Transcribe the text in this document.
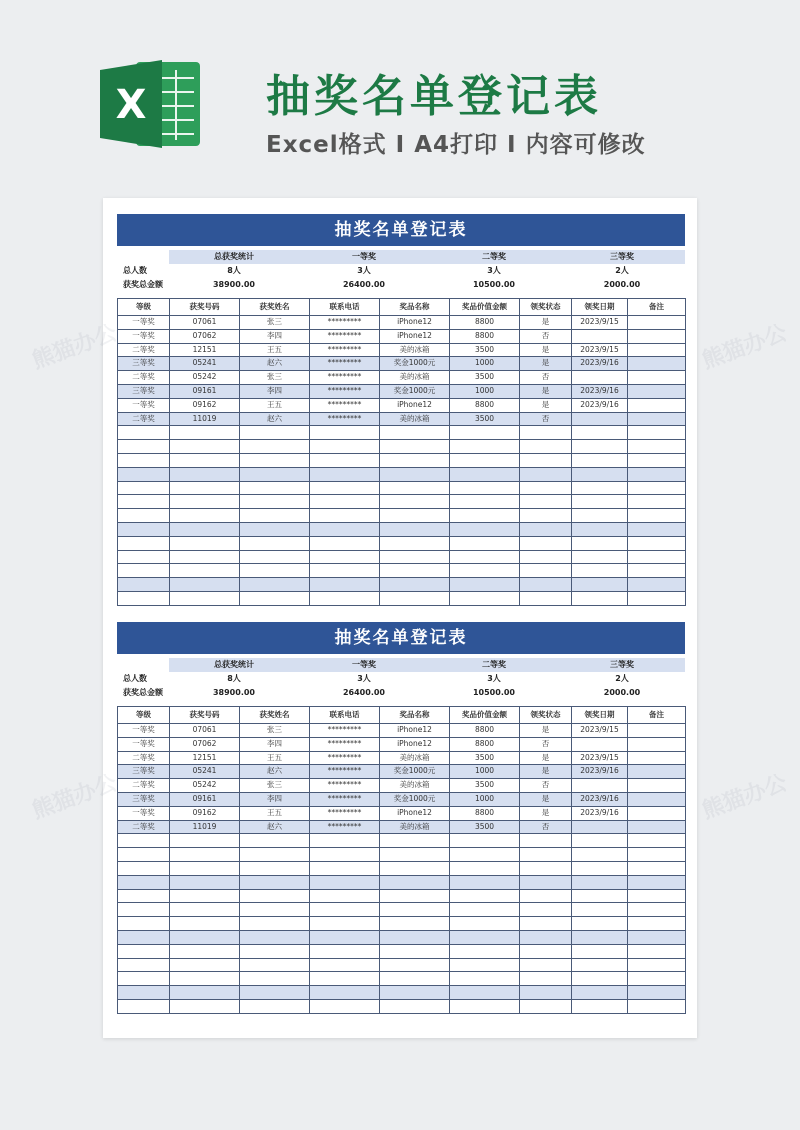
X	抽奖名单登记表
Excel格式 I A4打印 I 内容可修改
抽奖名单登记表
	总获奖统计	一等奖	二等奖	三等奖
总人数	8人	3人	3人	2人
获奖总金额	38900.00	26400.00	10500.00	2000.00
等级	获奖号码	获奖姓名	联系电话	奖品名称	奖品价值金额	领奖状态	领奖日期	备注
一等奖	07061	张三	*********	iPhone12	8800	是	2023/9/15	
一等奖	07062	李四	*********	iPhone12	8800	否		
二等奖	12151	王五	*********	美的冰箱	3500	是	2023/9/15	
三等奖	05241	赵六	*********	奖金1000元	1000	是	2023/9/16	
二等奖	05242	张三	*********	美的冰箱	3500	否		
三等奖	09161	李四	*********	奖金1000元	1000	是	2023/9/16	
一等奖	09162	王五	*********	iPhone12	8800	是	2023/9/16	
二等奖	11019	赵六	*********	美的冰箱	3500	否		

抽奖名单登记表
	总获奖统计	一等奖	二等奖	三等奖
总人数	8人	3人	3人	2人
获奖总金额	38900.00	26400.00	10500.00	2000.00
等级	获奖号码	获奖姓名	联系电话	奖品名称	奖品价值金额	领奖状态	领奖日期	备注
一等奖	07061	张三	*********	iPhone12	8800	是	2023/9/15	
一等奖	07062	李四	*********	iPhone12	8800	否		
二等奖	12151	王五	*********	美的冰箱	3500	是	2023/9/15	
三等奖	05241	赵六	*********	奖金1000元	1000	是	2023/9/16	
二等奖	05242	张三	*********	美的冰箱	3500	否		
三等奖	09161	李四	*********	奖金1000元	1000	是	2023/9/16	
一等奖	09162	王五	*********	iPhone12	8800	是	2023/9/16	
二等奖	11019	赵六	*********	美的冰箱	3500	否		

熊猫办公	熊猫办公
熊猫办公	熊猫办公
